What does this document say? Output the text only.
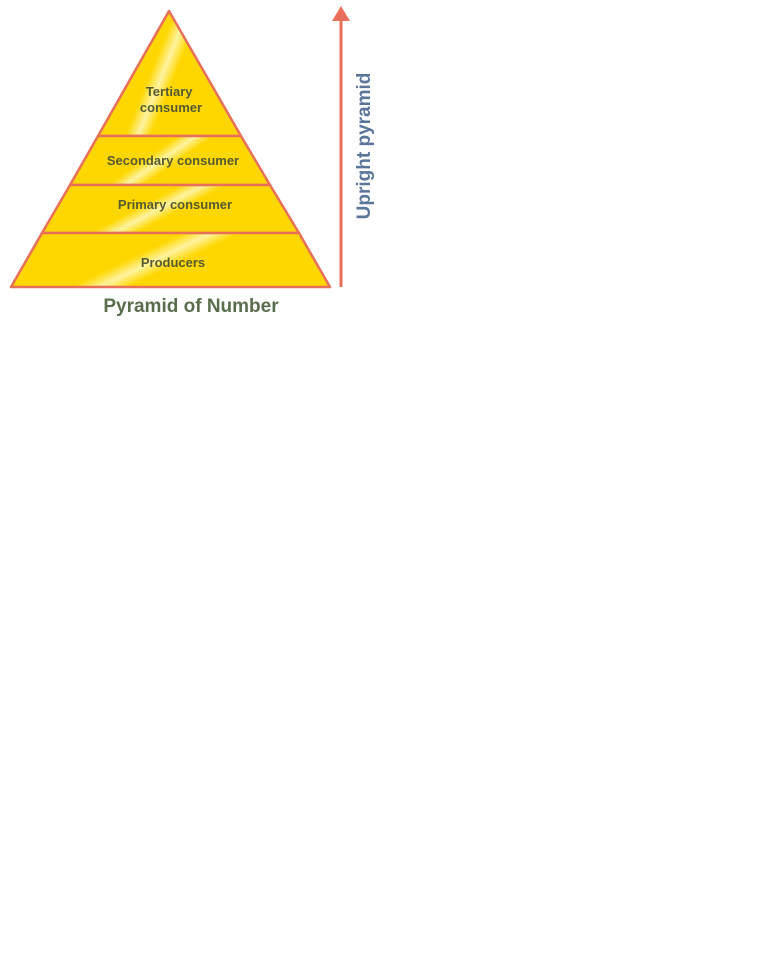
Tertiary consumer
Secondary consumer
Primary consumer
Producers
Pyramid of Number
Upright pyramid
